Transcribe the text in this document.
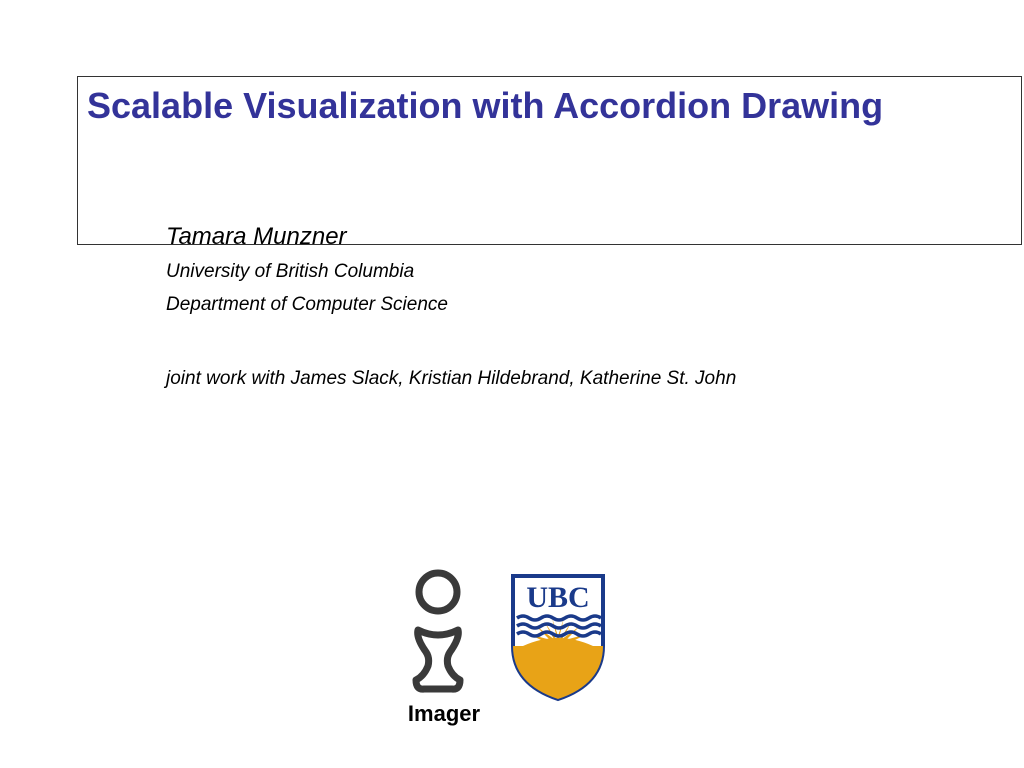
Scalable Visualization with Accordion Drawing
Tamara Munzner
University of British Columbia
Department of Computer Science
joint work with James Slack, Kristian Hildebrand, Katherine St. John
Imager
UBC
